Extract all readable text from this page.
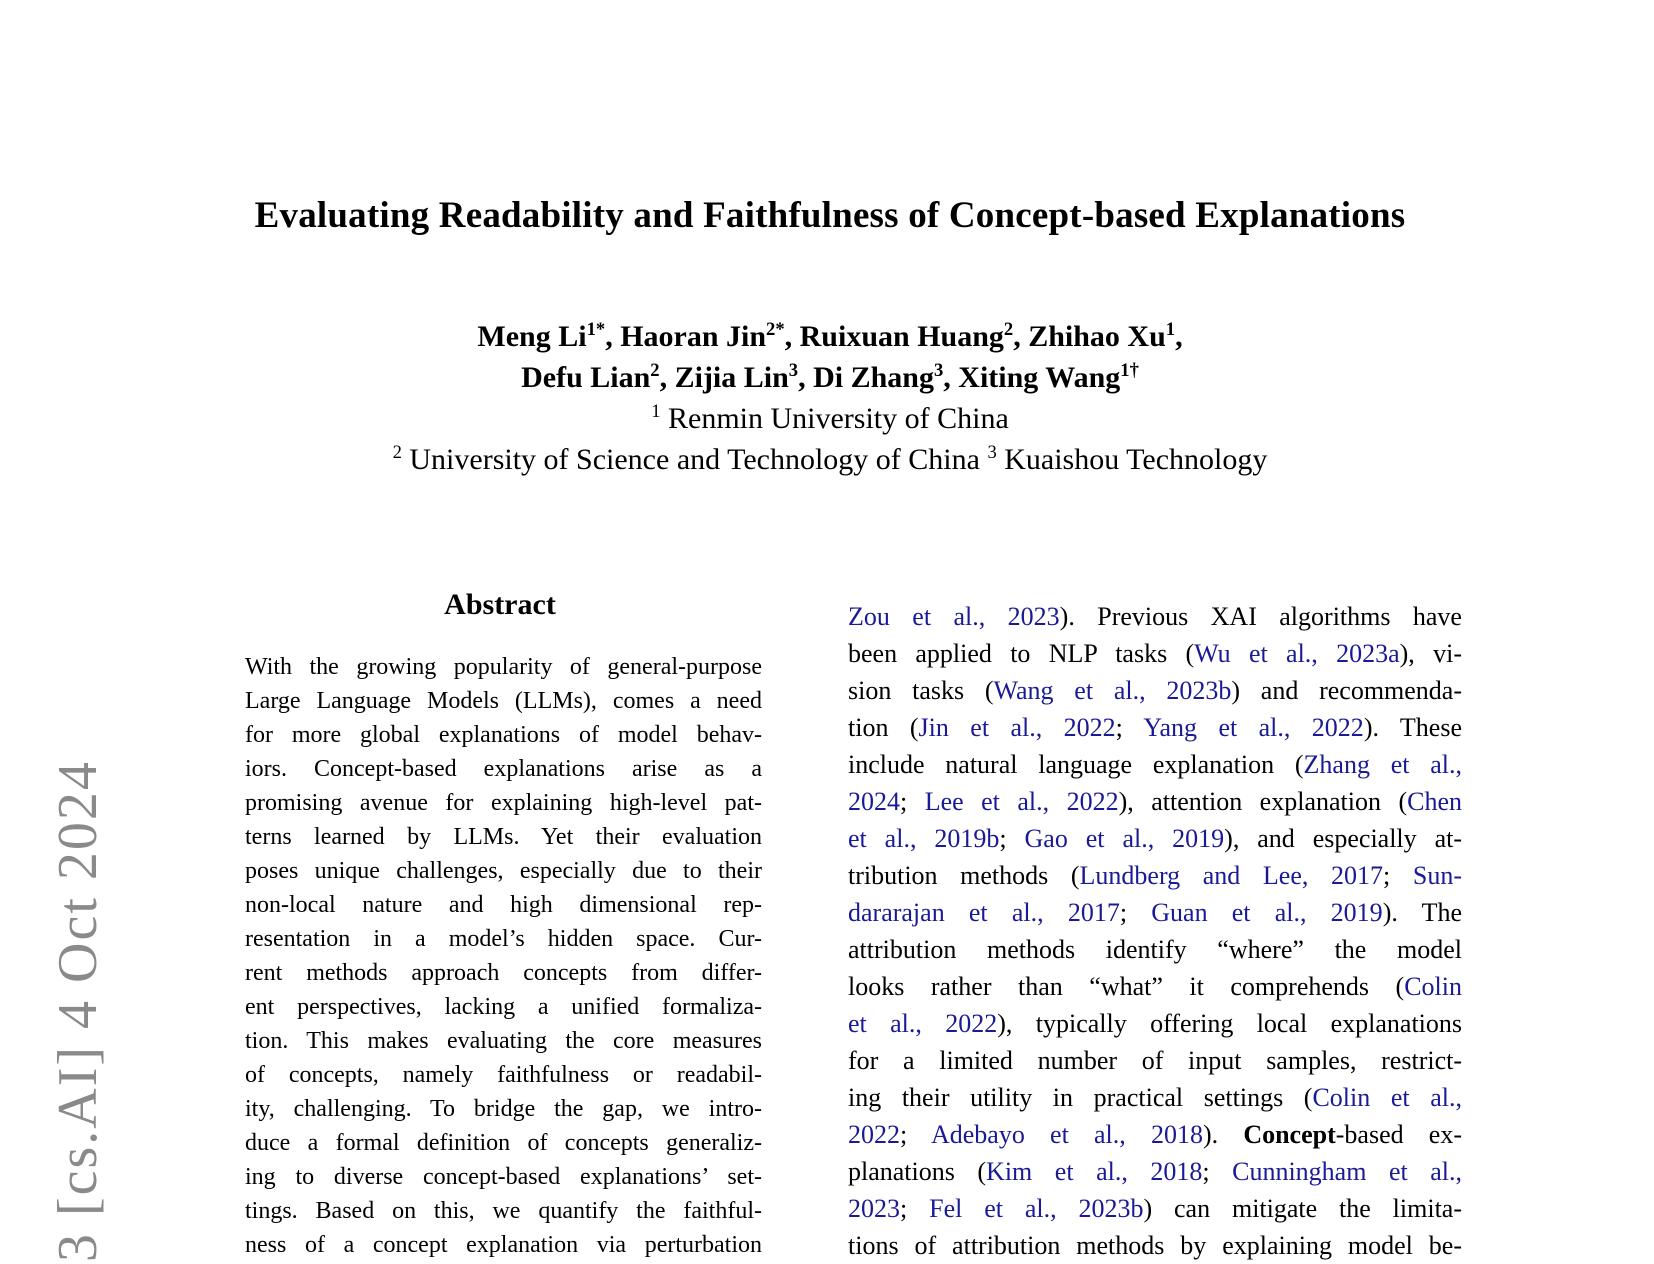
3 [cs.AI] 4 Oct 2024
Evaluating Readability and Faithfulness of Concept-based Explanations
Meng $Li^{1*}$, Haoran Jin$^{2*}$, Ruixuan Huang$^2$, Zhihao Xu$^1$,
Defu Lian$^2$, Zijia Lin$^3$, Di Zhang$^3$, Xiting Wang$^{1\dagger}$
$^1$ Renmin University of China
$^2$ University of Science and Technology of China $^3$ Kuaishou Technology
Abstract
With the growing popularity of general-purpose
Large Language Models (LLMs), comes a need
for more global explanations of model behav-
iors. Concept-based explanations arise as a
promising avenue for explaining high-level pat-
terns learned by LLMs. Yet their evaluation
poses unique challenges, especially due to their
non-local nature and high dimensional rep-
resentation in a model’s hidden space. Cur-
rent methods approach concepts from differ-
ent perspectives, lacking a unified formaliza-
tion. This makes evaluating the core measures
of concepts, namely faithfulness or readabil-
ity, challenging. To bridge the gap, we intro-
duce a formal definition of concepts generaliz-
ing to diverse concept-based explanations’ set-
tings. Based on this, we quantify the faithful-
ness of a concept explanation via perturbation
Zou et al., 2023). Previous XAI algorithms have
been applied to NLP tasks (Wu et al., 2023a), vi-
sion tasks (Wang et al., 2023b) and recommenda-
tion (Jin et al., 2022; Yang et al., 2022). These
include natural language explanation (Zhang et al.,
2024; Lee et al., 2022), attention explanation (Chen
et al., 2019b; Gao et al., 2019), and especially at-
tribution methods (Lundberg and Lee, 2017; Sun-
dararajan et al., 2017; Guan et al., 2019). The
attribution methods identify “where” the model
looks rather than “what” it comprehends (Colin
et al., 2022), typically offering local explanations
for a limited number of input samples, restrict-
ing their utility in practical settings (Colin et al.,
2022; Adebayo et al., 2018). Concept-based ex-
planations (Kim et al., 2018; Cunningham et al.,
2023; Fel et al., 2023b) can mitigate the limita-
tions of attribution methods by explaining model be-
